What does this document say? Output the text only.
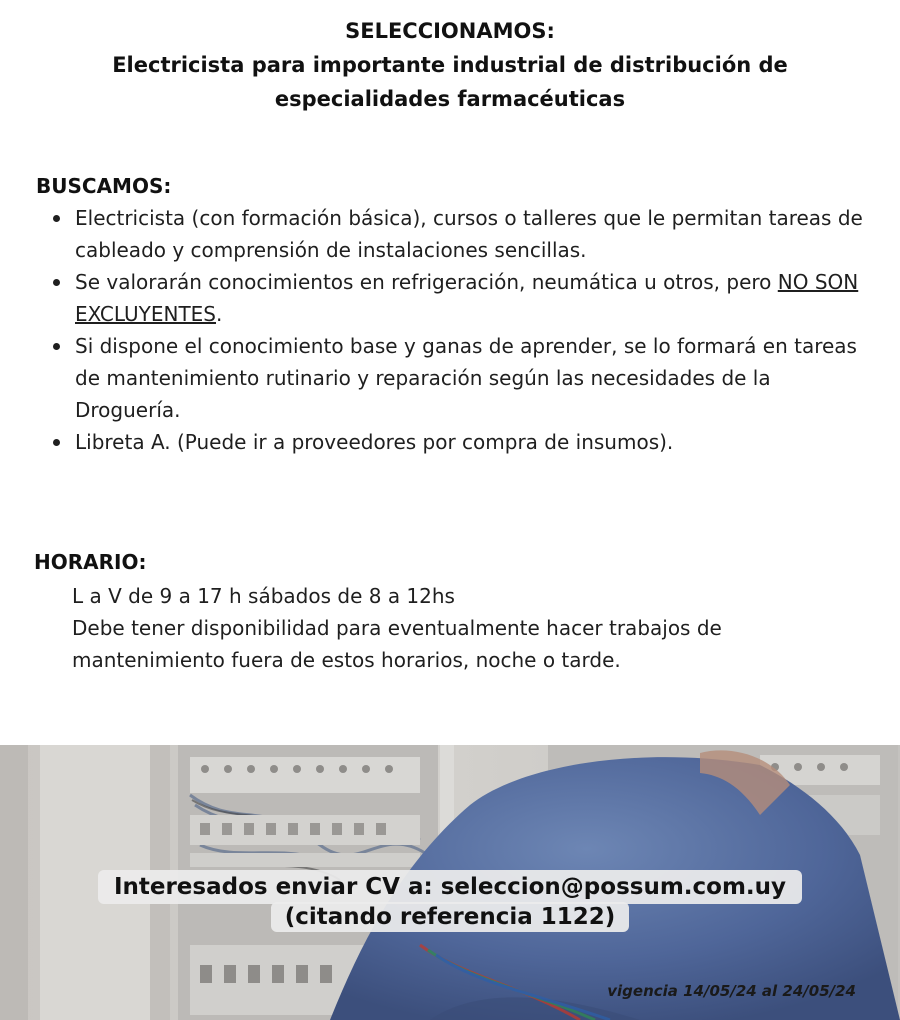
SELECCIONAMOS:
Electricista para importante industrial de distribución de
especialidades farmacéuticas
BUSCAMOS:
Electricista (con formación básica), cursos o talleres que le permitan tareas de cableado y comprensión de instalaciones sencillas.
Se valorarán conocimientos en refrigeración, neumática u otros, pero NO SON EXCLUYENTES.
Si dispone el conocimiento base y ganas de aprender, se lo formará en tareas de mantenimiento rutinario y reparación según las necesidades de la Droguería.
Libreta A. (Puede ir a proveedores por compra de insumos).
HORARIO:
L a V de 9 a 17 h sábados de 8 a 12hs
Debe tener disponibilidad para eventualmente hacer trabajos de mantenimiento fuera de estos horarios, noche o tarde.
Interesados enviar CV a: seleccion@possum.com.uy
(citando referencia 1122)
vigencia 14/05/24 al 24/05/24
